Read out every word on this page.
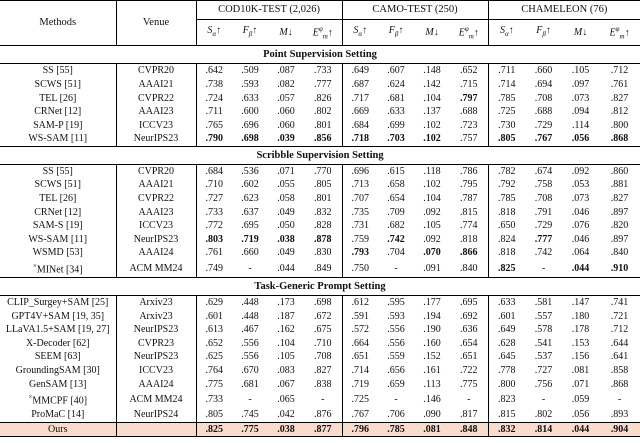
Methods	Venue	COD10K-TEST (2,026)				CAMO-TEST (250)				CHAMELEON (76)			
		$S_\alpha↑$	$F_\beta↑$	M↓	$E^\varphi_m↑$	$S_\alpha↑$	$F_\beta↑$	M↓	$E^\varphi_m↑$	$S_\alpha↑$	$F_\beta↑$	M↓	$E^\varphi_m↑$
Point Supervision Setting													
SS [55]	CVPR20	.642	.509	.087	.733	.649	.607	.148	.652	.711	.660	.105	.712
SCWS [51]	AAAI21	.738	.593	.082	.777	.687	.624	.142	.715	.714	.694	.097	.761
TEL [26]	CVPR22	.724	.633	.057	.826	.717	.681	.104	.797	.785	.708	.073	.827
CRNet [12]	AAAI23	.711	.600	.060	.802	.669	.633	.137	.688	.725	.688	.094	.812
SAM-P [19]	ICCV23	.765	.696	.060	.801	.684	.699	.102	.723	.730	.729	.114	.800
WS-SAM [11]	NeurIPS23	.790	.698	.039	.856	.718	.703	.102	.757	.805	.767	.056	.868
Scribble Supervision Setting													
SS [55]	CVPR20	.684	.536	.071	.770	.696	.615	.118	.786	.782	.674	.092	.860
SCWS [51]	AAAI21	.710	.602	.055	.805	.713	.658	.102	.795	.792	.758	.053	.881
TEL [26]	CVPR22	.727	.623	.058	.801	.707	.654	.104	.787	.785	.708	.073	.827
CRNet [12]	AAAI23	.733	.637	.049	.832	.735	.709	.092	.815	.818	.791	.046	.897
SAM-S [19]	ICCV23	.772	.695	.050	.828	.731	.682	.105	.774	.650	.729	.076	.820
WS-SAM [11]	NeurIPS23	.803	.719	.038	.878	.759	.742	.092	.818	.824	.777	.046	.897
WSMD [53]	AAAI24	.761	.660	.049	.830	.793	.704	.070	.866	.818	.742	.064	.840
×MINet [34]	ACM MM24	.749	-	.044	.849	.750	-	.091	.840	.825	-	.044	.910
Task-Generic Prompt Setting													
CLIP_Surgey+SAM [25]	Arxiv23	.629	.448	.173	.698	.612	.595	.177	.695	.633	.581	.147	.741
GPT4V+SAM [19, 35]	Arxiv23	.601	.448	.187	.672	.591	.593	.194	.692	.601	.557	.180	.721
LLaVA1.5+SAM [19, 27]	NeurIPS23	.613	.467	.162	.675	.572	.556	.190	.636	.649	.578	.178	.712
X-Decoder [62]	CVPR23	.652	.556	.104	.710	.664	.556	.160	.654	.628	.541	.153	.644
SEEM [63]	NeurIPS23	.625	.556	.105	.708	.651	.559	.152	.651	.645	.537	.156	.641
GroundingSAM [30]	ICCV23	.764	.670	.083	.827	.714	.656	.161	.722	.778	.727	.081	.858
GenSAM [13]	AAAI24	.775	.681	.067	.838	.719	.659	.113	.775	.800	.756	.071	.868
×MMCPF [40]	ACM MM24	.733	-	.065	-	.725	-	.146	-	.823	-	.059	-
ProMaC [14]	NeurIPS24	.805	.745	.042	.876	.767	.706	.090	.817	.815	.802	.056	.893
Ours		.825	.775	.038	.877	.796	.785	.081	.848	.832	.814	.044	.904
